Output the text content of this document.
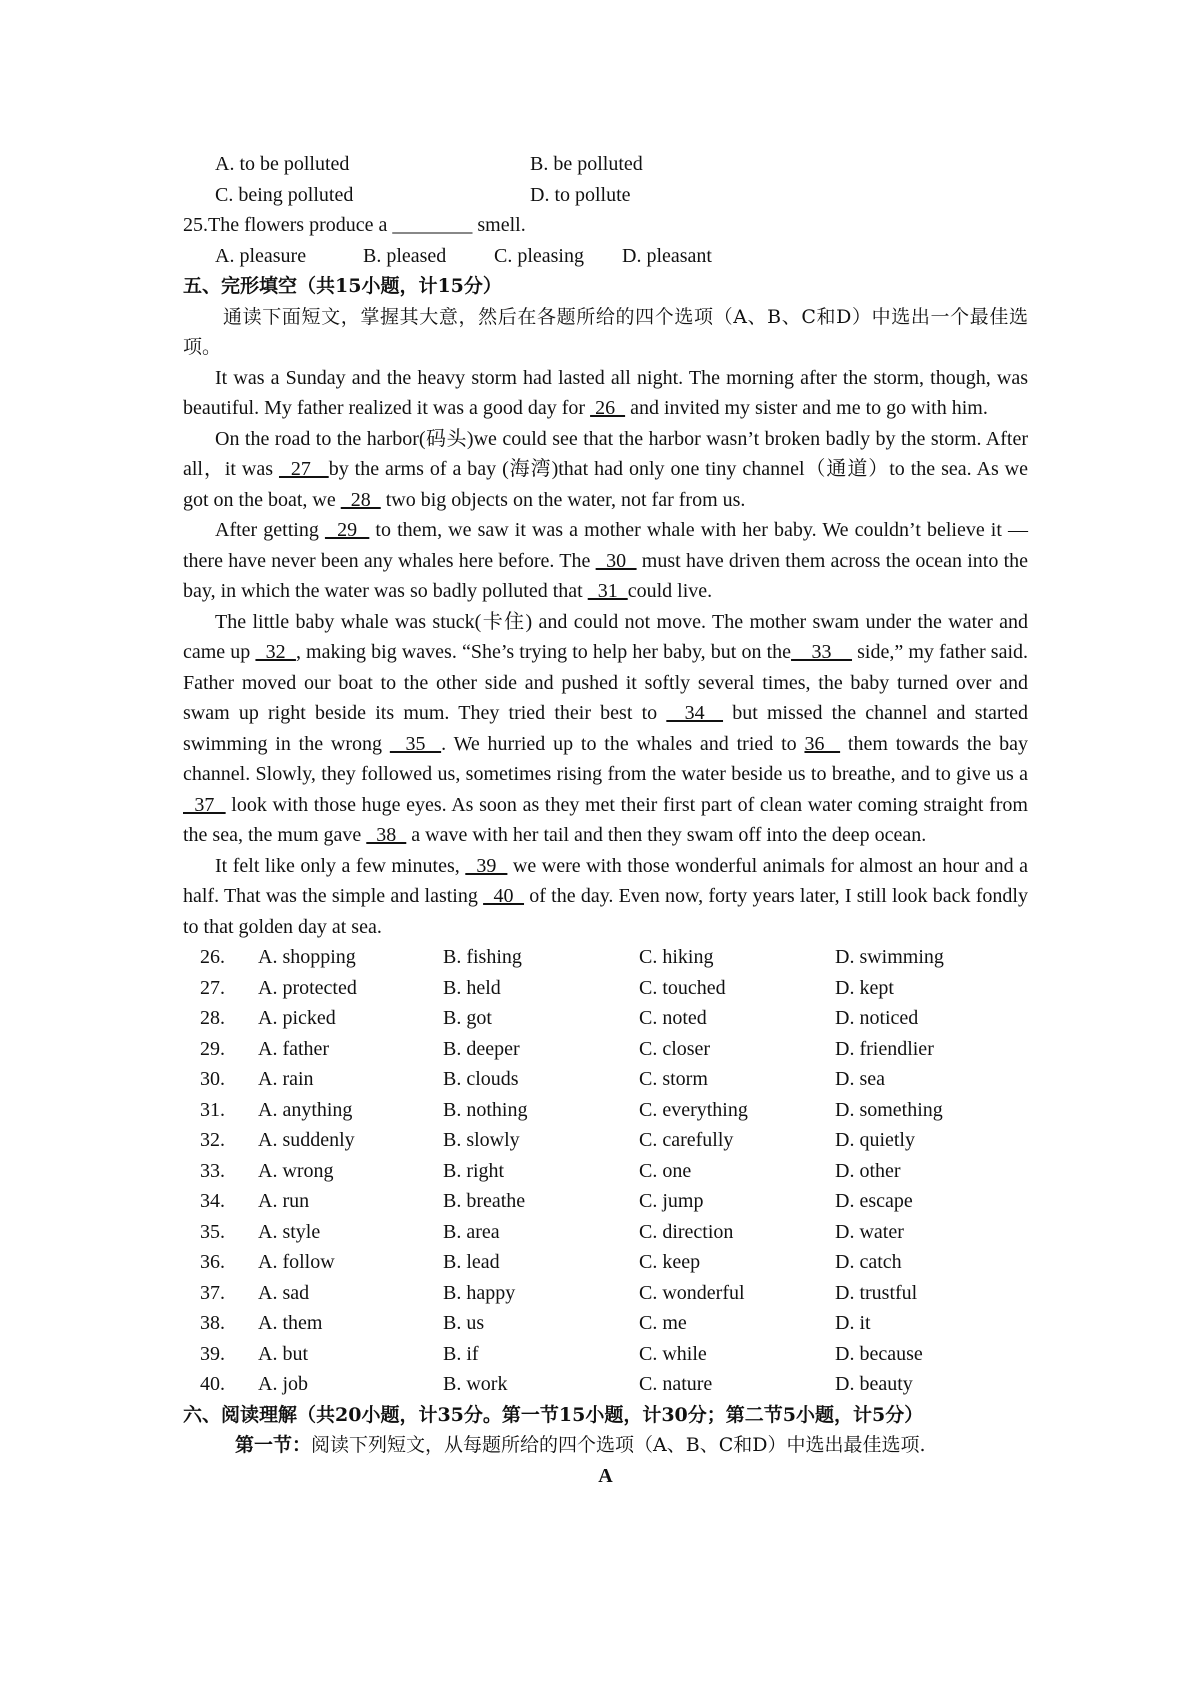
A. to be polluted	B. be polluted
C. being polluted	D. to pollute
25.The flowers produce a ________ smell.
A. pleasure	B. pleased	C. pleasing	D. pleasant
五、完形填空（共15小题，计15分）

通读下面短文，掌握其大意，然后在各题所给的四个选项（A、B、C和D）中选出一个最佳选项。

It was a Sunday and the heavy storm had lasted all night. The morning after the storm, though, was beautiful. My father realized it was a good day for  26   and invited my sister and me to go with him.

On the road to the harbor(码头)we could see that the harbor wasn’t broken badly by the storm. After all，it was   27   by the arms of a bay (海湾)that had only one tiny channel（通道）to the sea. As we got on the boat, we   28   two big objects on the water, not far from us.

After getting   29   to them, we saw it was a mother whale with her baby. We couldn’t believe it —there have never been any whales here before. The   30   must have driven them across the ocean into the bay, in which the water was so badly polluted that   31  could live.

The little baby whale was stuck(卡住) and could not move. The mother swam under the water and came up   32  , making big waves. “She’s trying to help her baby, but on the    33     side,” my father said. Father moved our boat to the other side and pushed it softly several times, the baby turned over and swam up right beside its mum. They tried their best to   34   but missed the channel and started swimming in the wrong   35  . We hurried up to the whales and tried to 36   them towards the bay channel. Slowly, they followed us, sometimes rising from the water beside us to breathe, and to give us a   37   look with those huge eyes. As soon as they met their first part of clean water coming straight from the sea, the mum gave   38   a wave with her tail and then they swam off into the deep ocean.

It felt like only a few minutes,   39   we were with those wonderful animals for almost an hour and a half. That was the simple and lasting   40   of the day. Even now, forty years later, I still look back fondly to that golden day at sea.

26.	A. shopping	B. fishing	C. hiking	D. swimming
27.	A. protected	B. held	C. touched	D. kept
28.	A. picked	B. got	C. noted	D. noticed
29.	A. father	B. deeper	C. closer	D. friendlier
30.	A. rain	B. clouds	C. storm	D. sea
31.	A. anything	B. nothing	C. everything	D. something
32.	A. suddenly	B. slowly	C. carefully	D. quietly
33.	A. wrong	B. right	C. one	D. other
34.	A. run	B. breathe	C. jump	D. escape
35.	A. style	B. area	C. direction	D. water
36.	A. follow	B. lead	C. keep	D. catch
37.	A. sad	B. happy	C. wonderful	D. trustful
38.	A. them	B. us	C. me	D. it
39.	A. but	B. if	C. while	D. because
40.	A. job	B. work	C. nature	D. beauty
六、阅读理解（共20小题，计35分。第一节15小题，计30分；第二节5小题，计5分）
第一节：阅读下列短文，从每题所给的四个选项（A、B、C和D）中选出最佳选项.
A
